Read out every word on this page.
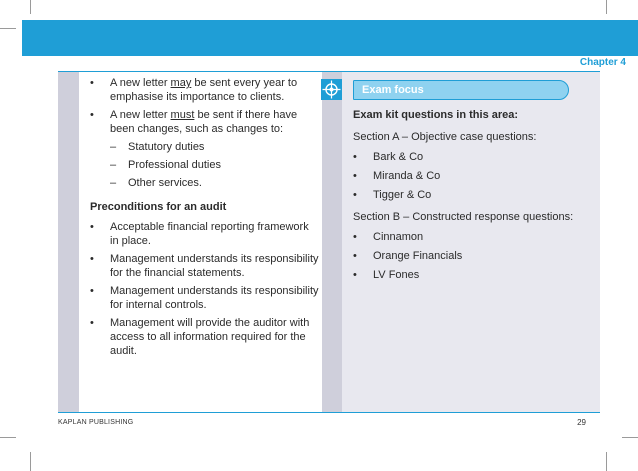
Chapter 4
Exam focus
•	A new letter may be sent every year to emphasise its importance to clients.
•	A new letter must be sent if there have been changes, such as changes to:
–	Statutory duties
–	Professional duties
–	Other services.
Preconditions for an audit
•	Acceptable financial reporting framework in place.
•	Management understands its responsibility for the financial statements.
•	Management understands its responsibility for internal controls.
•	Management will provide the auditor with access to all information required for the audit.
Exam kit questions in this area:
Section A – Objective case questions:
•	Bark & Co
•	Miranda & Co
•	Tigger & Co
Section B – Constructed response questions:
•	Cinnamon
•	Orange Financials
•	LV Fones
KAPLAN PUBLISHING	29
